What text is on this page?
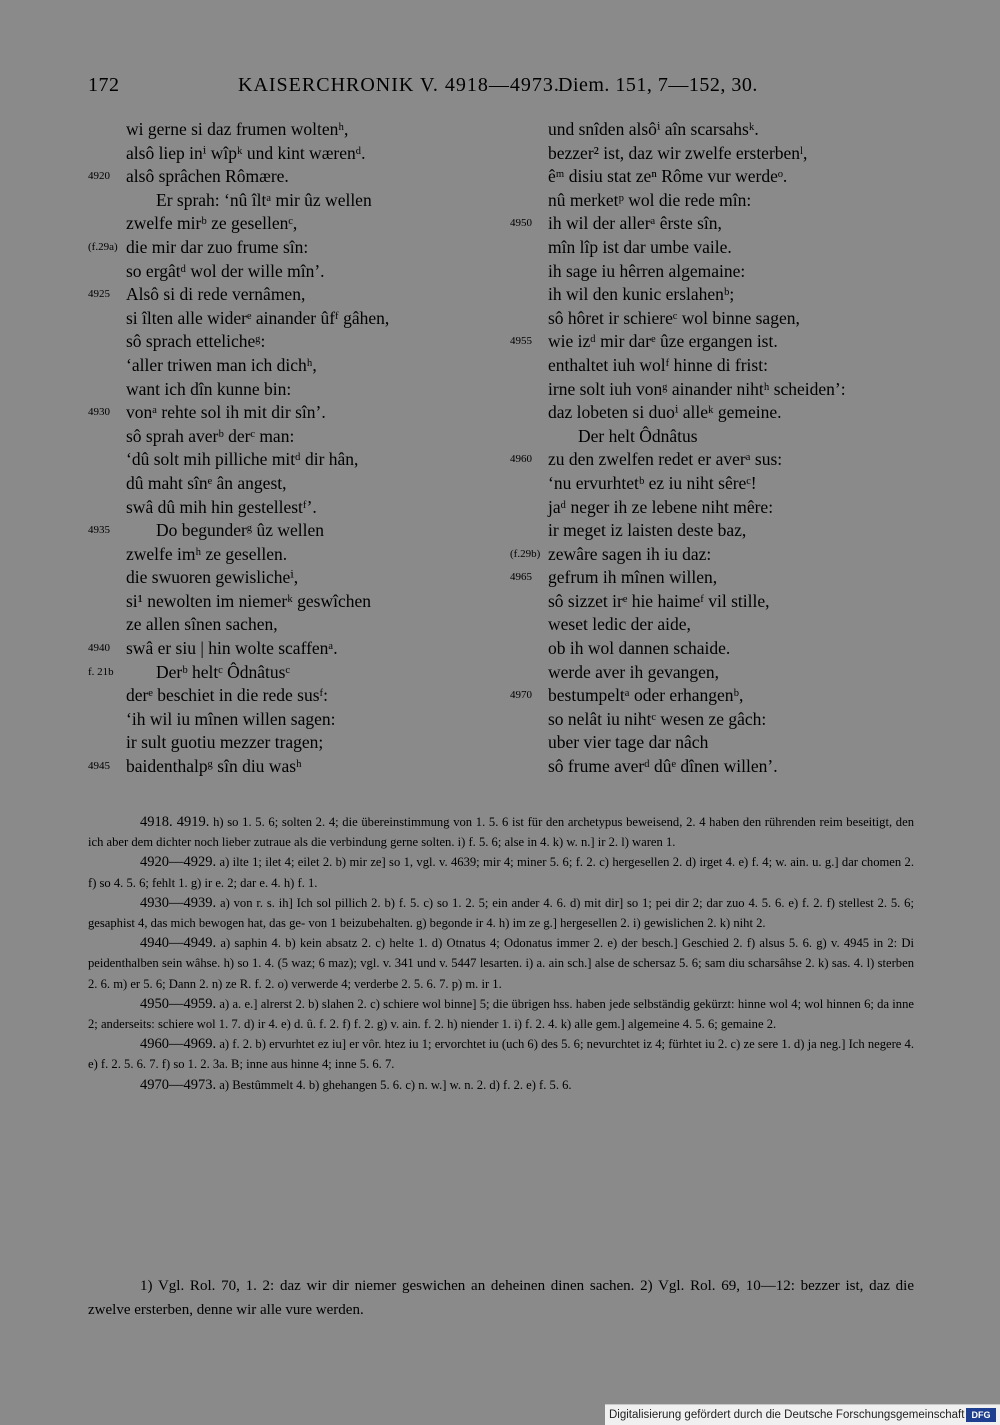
172	KAISERCHRONIK V. 4918—4973.
Diem. 151, 7—152, 30.
wi gerne si daz frumen woltenʰ,
alsô liep inⁱ wîpᵏ und kint wærenᵈ.
4920 alsô sprâchen Rômære.
Er sprah: ‘nû îltᵃ mir ûz wellen
zwelfe mirᵇ ze gesellenᶜ,
(f.29a) die mir dar zuo frume sîn:
so ergâtᵈ wol der wille mîn’.
4925 Alsô si di rede vernâmen,
si îlten alle widerᵉ ainander ûfᶠ gâhen,
sô sprach ettelicheᵍ:
‘aller triwen man ich dichʰ,
want ich dîn kunne bin:
4930 vonᵃ rehte sol ih mit dir sîn’.
sô sprah averᵇ derᶜ man:
‘dû solt mih pilliche mitᵈ dir hân,
dû maht sînᵉ ân angest,
swâ dû mih hin gestellestᶠ’.
4935	Do begunderᵍ ûz wellen
zwelfe imʰ ze gesellen.
die swuoren gewislicheⁱ,
si¹ newolten im niemerᵏ geswîchen
ze allen sînen sachen,
4940 swâ er siu | hin wolte scaffenᵃ.
f. 21b	Derᵇ heltᶜ Ôdnâtusᶜ
derᵉ beschiet in die rede susᶠ:
‘ih wil iu mînen willen sagen:
ir sult guotiu mezzer tragen;
4945 baidenthalpᵍ sîn diu wasʰ
und snîden alsôⁱ aîn scarsahsᵏ.
bezzer² ist, daz wir zwelfe ersterbenˡ,
êᵐ disiu stat zeⁿ Rôme vur werdeᵒ.
nû merketᵖ wol die rede mîn:
4950 ih wil der allerᵃ êrste sîn,
mîn lîp ist dar umbe vaile.
ih sage iu hêrren algemaine:
ih wil den kunic erslahenᵇ;
sô hôret ir schiereᶜ wol binne sagen,
4955 wie izᵈ mir darᵉ ûze ergangen ist.
enthaltet iuh wolᶠ hinne di frist:
irne solt iuh vonᵍ ainander nihtʰ scheiden’:
daz lobeten si duoⁱ alleᵏ gemeine.
Der helt Ôdnâtus
4960 zu den zwelfen redet er averᵃ sus:
‘nu ervurhtetᵇ ez iu niht sêreᶜ!
jaᵈ neger ih ze lebene niht mêre:
ir meget iz laisten deste baz,
(f.29b) zewâre sagen ih iu daz:
4965 gefrum ih mînen willen,
sô sizzet irᵉ hie haimeᶠ vil stille,
weset ledic der aide,
ob ih wol dannen schaide.
werde aver ih gevangen,
4970 bestumpeltᵃ oder erhangenᵇ,
so nelât iu nihtᶜ wesen ze gâch:
uber vier tage dar nâch
sô frume averᵈ dûᵉ dînen willen’.

4918. 4919. h) so 1. 5. 6; solten 2. 4; die übereinstimmung von 1. 5. 6 ist für den archetypus beweisend, 2. 4 haben den rührenden reim beseitigt, den ich aber dem dichter noch lieber zutraue als die verbindung gerne solten. i) f. 5. 6; alse in 4. k) w. n.] ir 2. l) waren 1.

4920—4929. a) ilte 1; ilet 4; eilet 2. b) mir ze] so 1, vgl. v. 4639; mir 4; miner 5. 6; f. 2. c) hergesellen 2. d) irget 4. e) f. 4; w. ain. u. g.] dar chomen 2. f) so 4. 5. 6; fehlt 1. g) ir e. 2; dar e. 4. h) f. 1.

4930—4939. a) von r. s. ih] Ich sol pillich 2. b) f. 5. c) so 1. 2. 5; ein ander 4. 6. d) mit dir] so 1; pei dir 2; dar zuo 4. 5. 6. e) f. 2. f) stellest 2. 5. 6; gesaphist 4, das mich bewogen hat, das ge- von 1 beizubehalten. g) begonde ir 4. h) im ze g.] hergesellen 2. i) gewislichen 2. k) niht 2.

4940—4949. a) saphin 4. b) kein absatz 2. c) helte 1. d) Otnatus 4; Odonatus immer 2. e) der besch.] Geschied 2. f) alsus 5. 6. g) v. 4945 in 2: Di peidenthalben sein wâhse. h) so 1. 4. (5 waz; 6 maz); vgl. v. 341 und v. 5447 lesarten. i) a. ain sch.] alse de schersaz 5. 6; sam diu scharsâhse 2. k) sas. 4. l) sterben 2. 6. m) er 5. 6; Dann 2. n) ze R. f. 2. o) verwerde 4; verderbe 2. 5. 6. 7. p) m. ir 1.

4950—4959. a) a. e.] alrerst 2. b) slahen 2. c) schiere wol binne] 5; die übrigen hss. haben jede selbständig gekürzt: hinne wol 4; wol hinnen 6; da inne 2; anderseits: schiere wol 1. 7. d) ir 4. e) d. û. f. 2. f) f. 2. g) v. ain. f. 2. h) niender 1. i) f. 2. 4. k) alle gem.] algemeine 4. 5. 6; gemaine 2.

4960—4969. a) f. 2. b) ervurhtet ez iu] er vôr. htez iu 1; ervorchtet iu (uch 6) des 5. 6; nevurchtet iz 4; fürhtet iu 2. c) ze sere 1. d) ja neg.] Ich negere 4. e) f. 2. 5. 6. 7. f) so 1. 2. 3a. B; inne aus hinne 4; inne 5. 6. 7.

4970—4973. a) Bestûmmelt 4. b) ghehangen 5. 6. c) n. w.] w. n. 2. d) f. 2. e) f. 5. 6.

1) Vgl. Rol. 70, 1. 2: daz wir dir niemer geswichen an deheinen dinen sachen. 2) Vgl. Rol. 69, 10—12: bezzer ist, daz die zwelve ersterben, denne wir alle vure werden.

Digitalisierung gefördert durch die Deutsche Forschungsgemeinschaft DFG
